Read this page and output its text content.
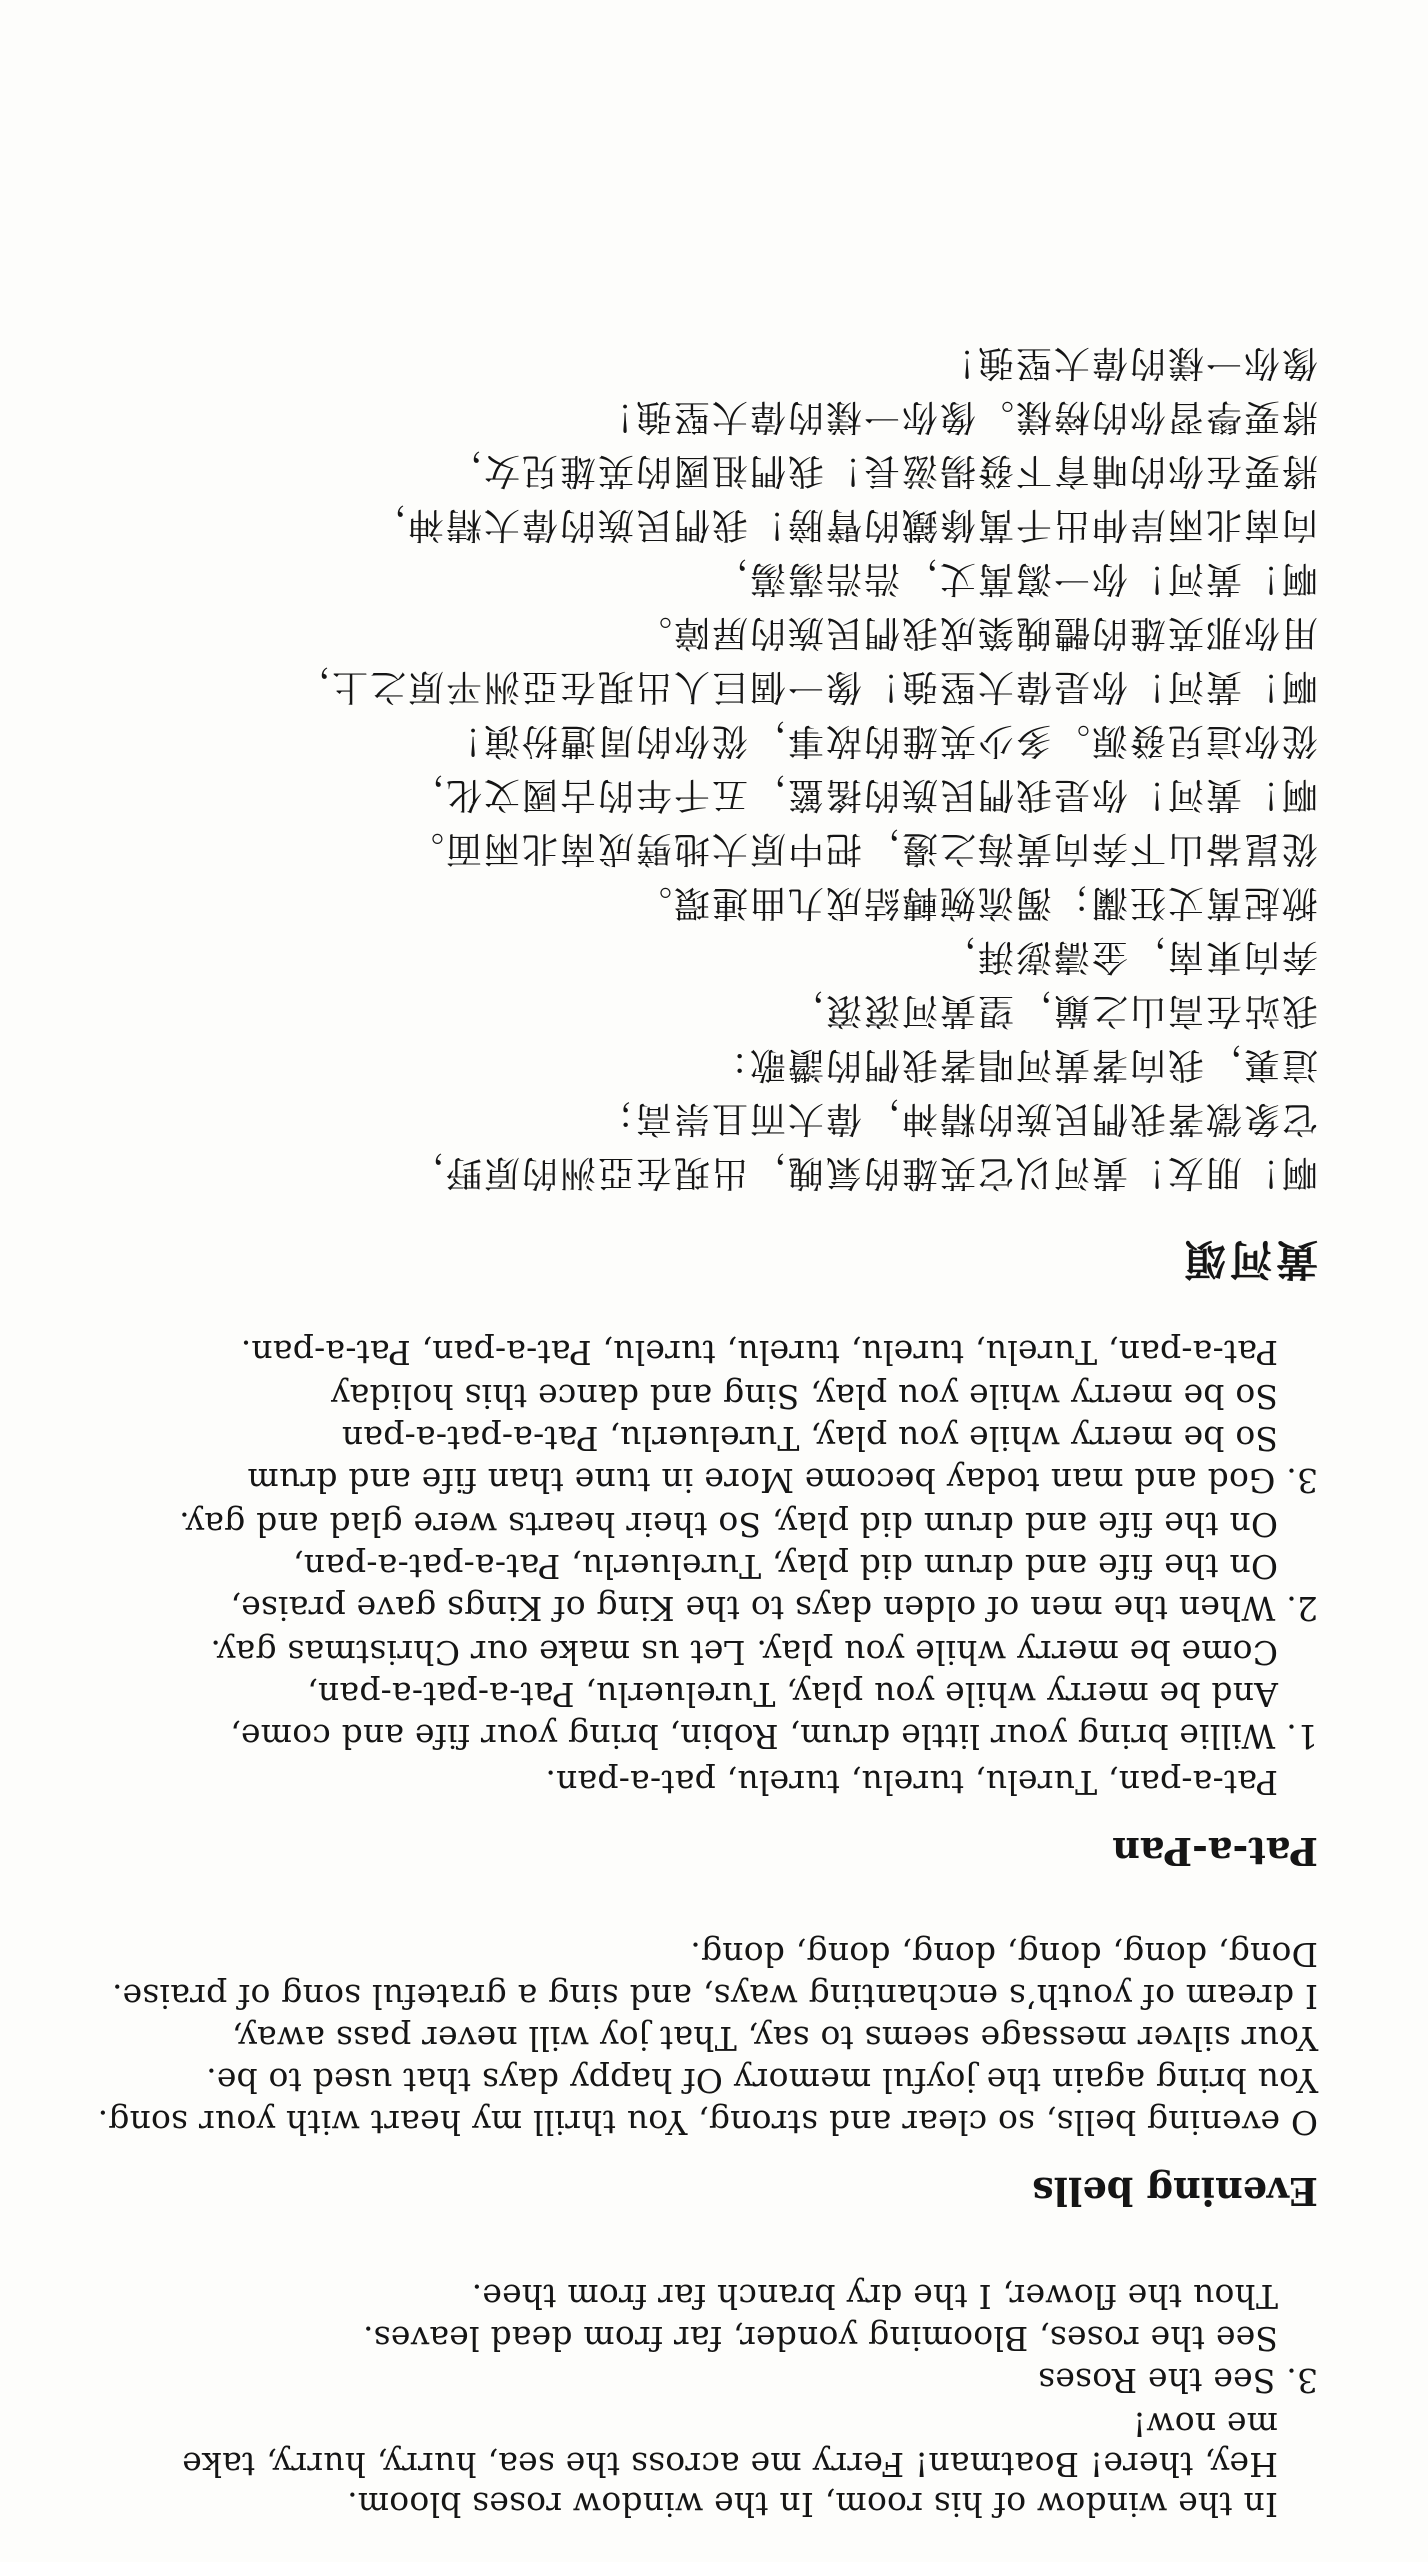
In the window of his room, In the window roses bloom.

Hey, there! Boatman! Ferry me across the sea, hurry, hurry, take

me now!

3. See the Roses

See the roses, Blooming yonder, far from dead leaves.

Thou the flower, I the dry branch far from thee.

Evening bells

O evening bells, so clear and strong, You thrill my heart with your song.

You bring again the joyful memory Of happy days that used to be.

Your silver message seems to say, That joy will never pass away,

I dream of youth’s enchanting ways, and sing a grateful song of praise.

Dong, dong, dong, dong, dong, dong.

Pat-a-Pan

Pat-a-pan, Turelu, turelu, turelu, pat-a-pan.

1. Willie bring your little drum, Robin, bring your fife and come,

And be merry while you play, Tureluerlu, Pat-a-pat-a-pan,

Come be merry while you play. Let us make our Christmas gay.

2. When the men of olden days to the King of Kings gave praise,

On the fife and drum did play, Tureluerlu, Pat-a-pat-a-pan,

On the fife and drum did play, So their hearts were glad and gay.

3. God and man today become More in tune than fife and drum

So be merry while you play, Tureluerlu, Pat-a-pat-a-pan

So be merry while you play, Sing and dance this holiday

Pat-a-pan, Turelu, turelu, turelu, turelu, Pat-a-pan, Pat-a-pan.

黃河頌

啊！朋友！黃河以它英雄的氣魄，出現在亞洲的原野，

它象徵著我們民族的精神，偉大而且崇高；

這裏，我向著黃河唱著我們的讚歌：

我站在高山之巔，望黃河滾滾，

奔向東南，金濤澎湃，

掀起萬丈狂瀾；濁流婉轉結成九曲連環。

從崑崙山下奔向黃海之邊，把中原大地劈成南北兩面。

啊！黃河！你是我們民族的搖籃，五千年的古國文化，

從你這兒發源。多少英雄的故事，從你的周遭扮演！

啊！黃河！你是偉大堅強！像一個巨人出現在亞洲平原之上，

用你那英雄的體魄築成我們民族的屏障。

啊！黃河！你一瀉萬丈，浩浩蕩蕩，

向南北兩岸伸出千萬條鐵的臂膀！我們民族的偉大精神，

將要在你的哺育下發揚滋長！我們祖國的英雄兒女，

將要學習你的榜樣。像你一樣的偉大堅強！

像你一樣的偉大堅強！
